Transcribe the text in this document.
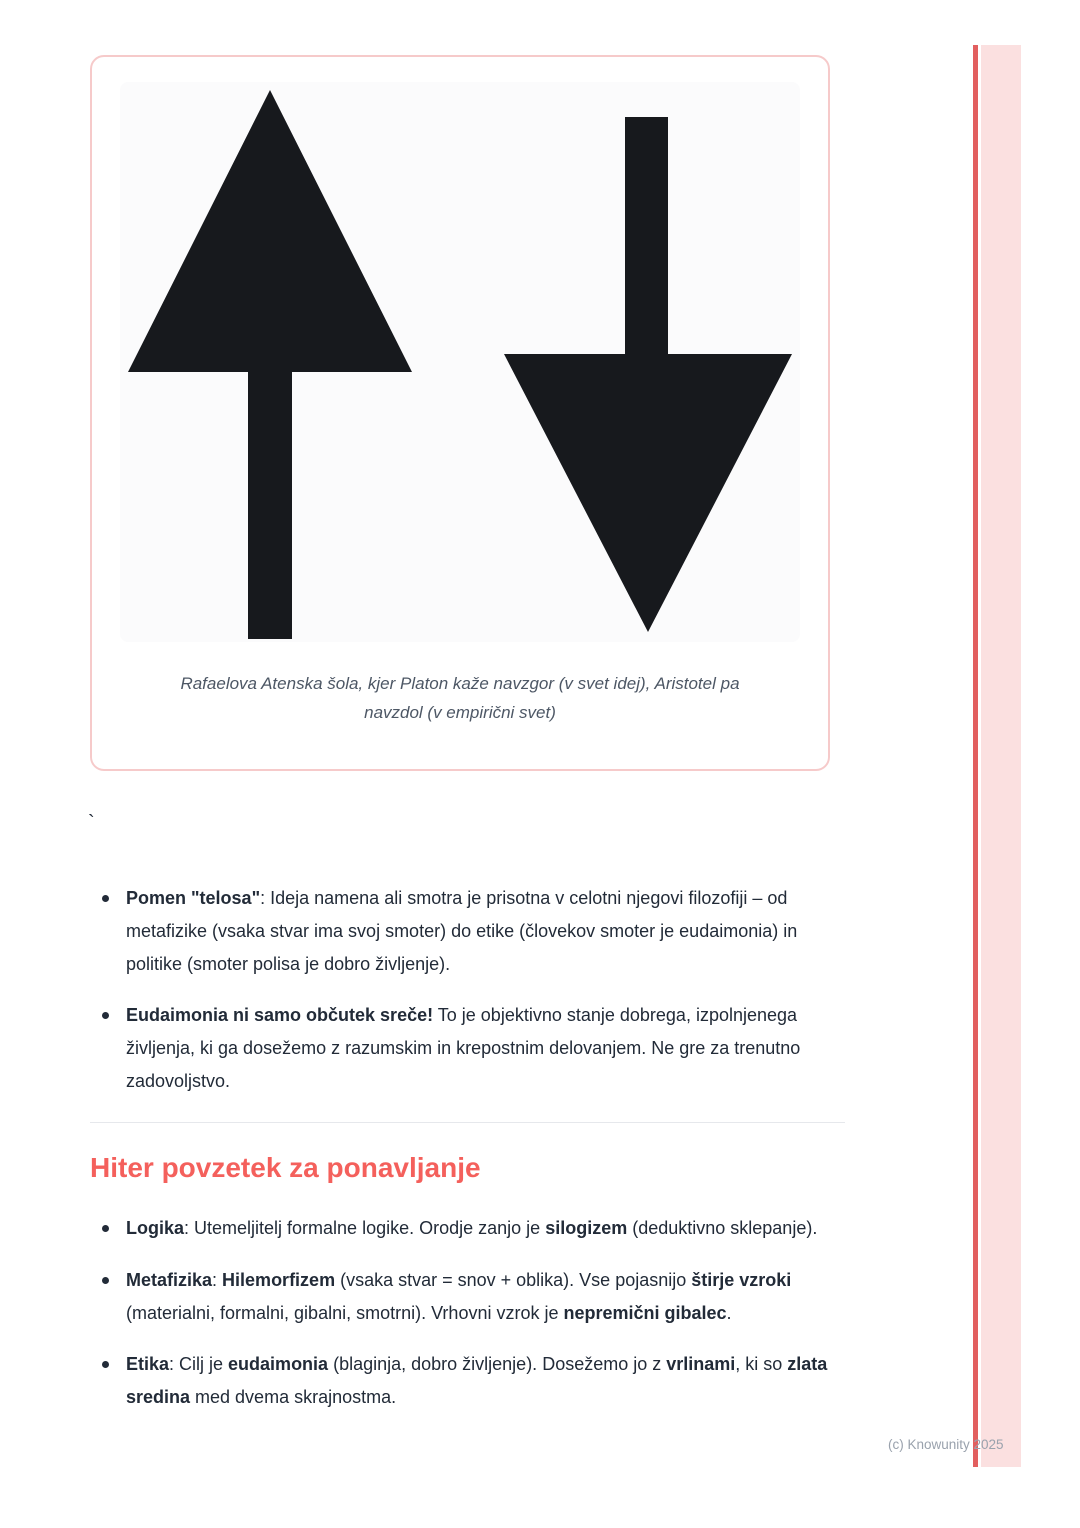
Rafaelova Atenska šola, kjer Platon kaže navzgor (v svet idej), Aristotel pa
navzdol (v empirični svet)
`
Pomen "telosa": Ideja namena ali smotra je prisotna v celotni njegovi filozofiji – od metafizike (vsaka stvar ima svoj smoter) do etike (človekov smoter je eudaimonia) in politike (smoter polisa je dobro življenje).
Eudaimonia ni samo občutek sreče! To je objektivno stanje dobrega, izpolnjenega življenja, ki ga dosežemo z razumskim in krepostnim delovanjem. Ne gre za trenutno zadovoljstvo.
Hiter povzetek za ponavljanje
Logika: Utemeljitelj formalne logike. Orodje zanjo je silogizem (deduktivno sklepanje).
Metafizika: Hilemorfizem (vsaka stvar = snov + oblika). Vse pojasnijo štirje vzroki (materialni, formalni, gibalni, smotrni). Vrhovni vzrok je nepremični gibalec.
Etika: Cilj je eudaimonia (blaginja, dobro življenje). Dosežemo jo z vrlinami, ki so zlata sredina med dvema skrajnostma.
(c) Knowunity 2025
